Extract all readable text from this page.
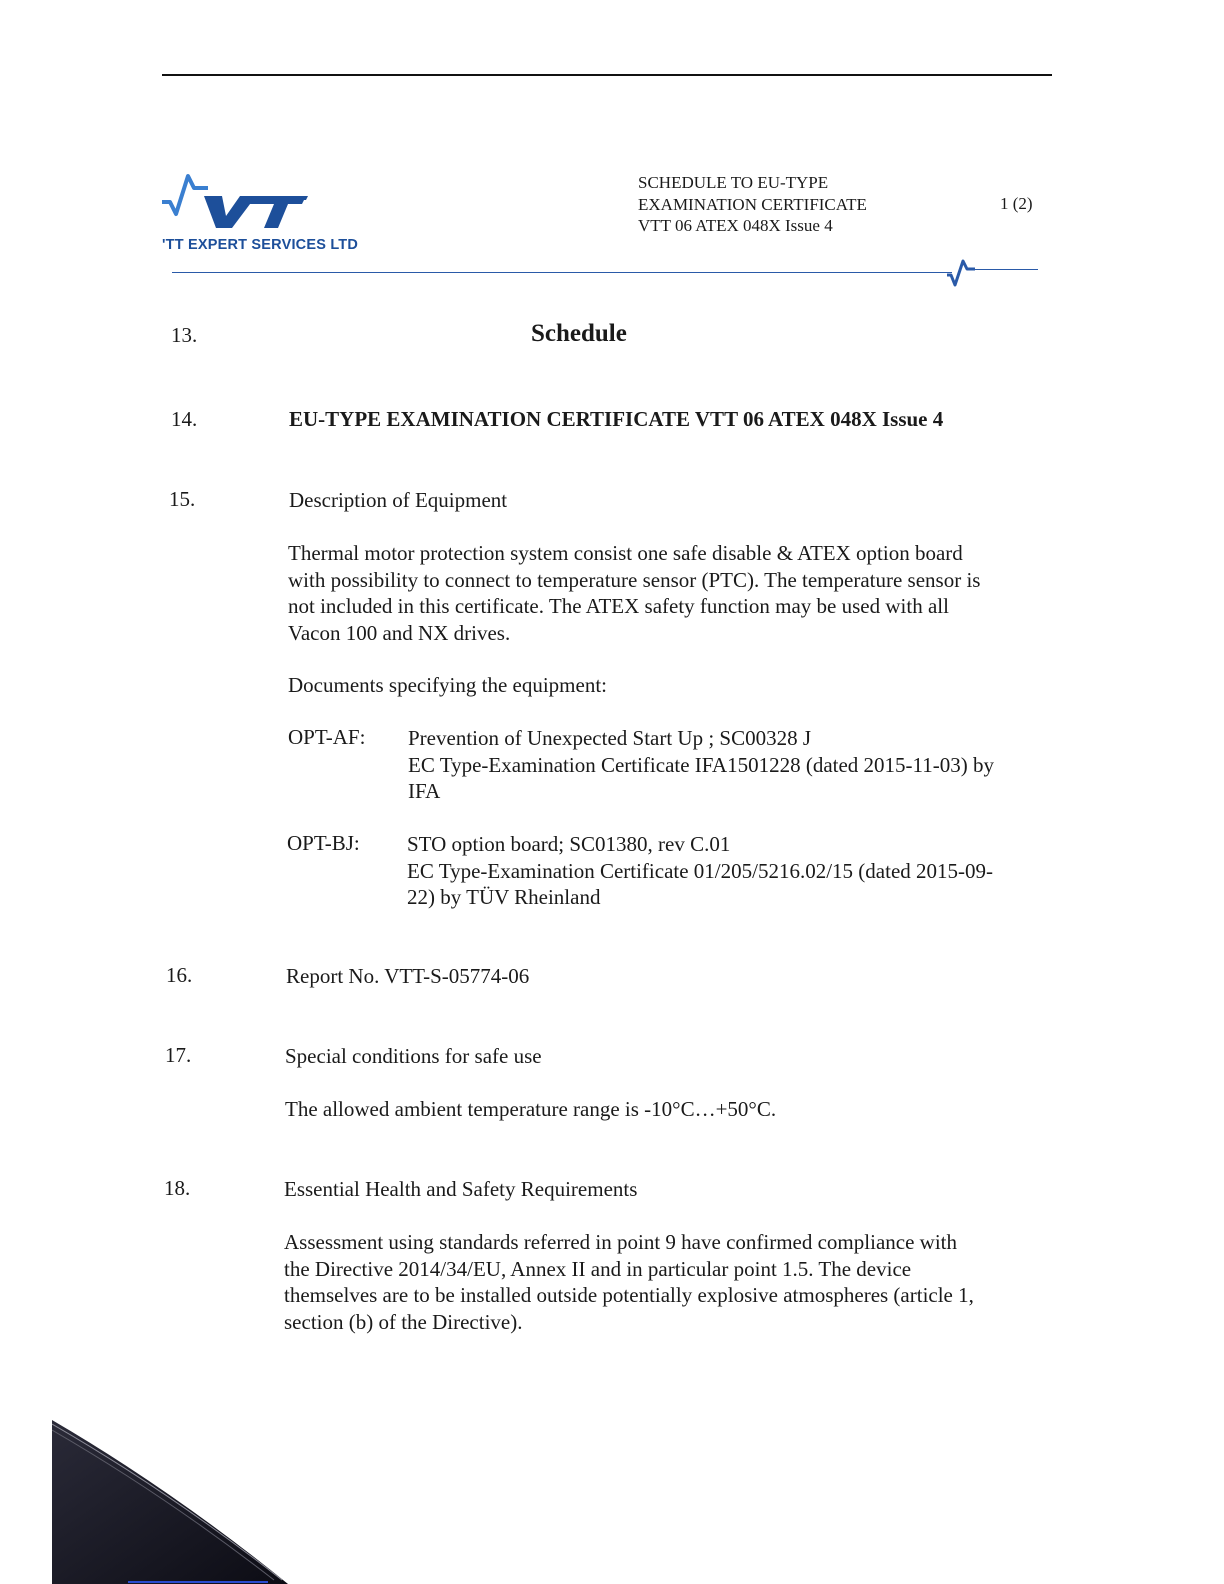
'TT EXPERT SERVICES LTD
SCHEDULE TO EU-TYPE
EXAMINATION CERTIFICATE
VTT 06 ATEX 048X Issue 4
1 (2)
13.	Schedule
14.	EU-TYPE EXAMINATION CERTIFICATE VTT 06 ATEX 048X Issue 4
15.	Description of Equipment
Thermal motor protection system consist one safe disable & ATEX option board
with possibility to connect to temperature sensor (PTC). The temperature sensor is
not included in this certificate. The ATEX safety function may be used with all
Vacon 100 and NX drives.
Documents specifying the equipment:
OPT-AF: Prevention of Unexpected Start Up ; SC00328 J
EC Type-Examination Certificate IFA1501228 (dated 2015-11-03) by
IFA
OPT-BJ: STO option board; SC01380, rev C.01
EC Type-Examination Certificate 01/205/5216.02/15 (dated 2015-09-
22) by TÜV Rheinland
16.	Report No. VTT-S-05774-06
17.	Special conditions for safe use
The allowed ambient temperature range is -10°C…+50°C.
18.	Essential Health and Safety Requirements
Assessment using standards referred in point 9 have confirmed compliance with
the Directive 2014/34/EU, Annex II and in particular point 1.5. The device
themselves are to be installed outside potentially explosive atmospheres (article 1,
section (b) of the Directive).
